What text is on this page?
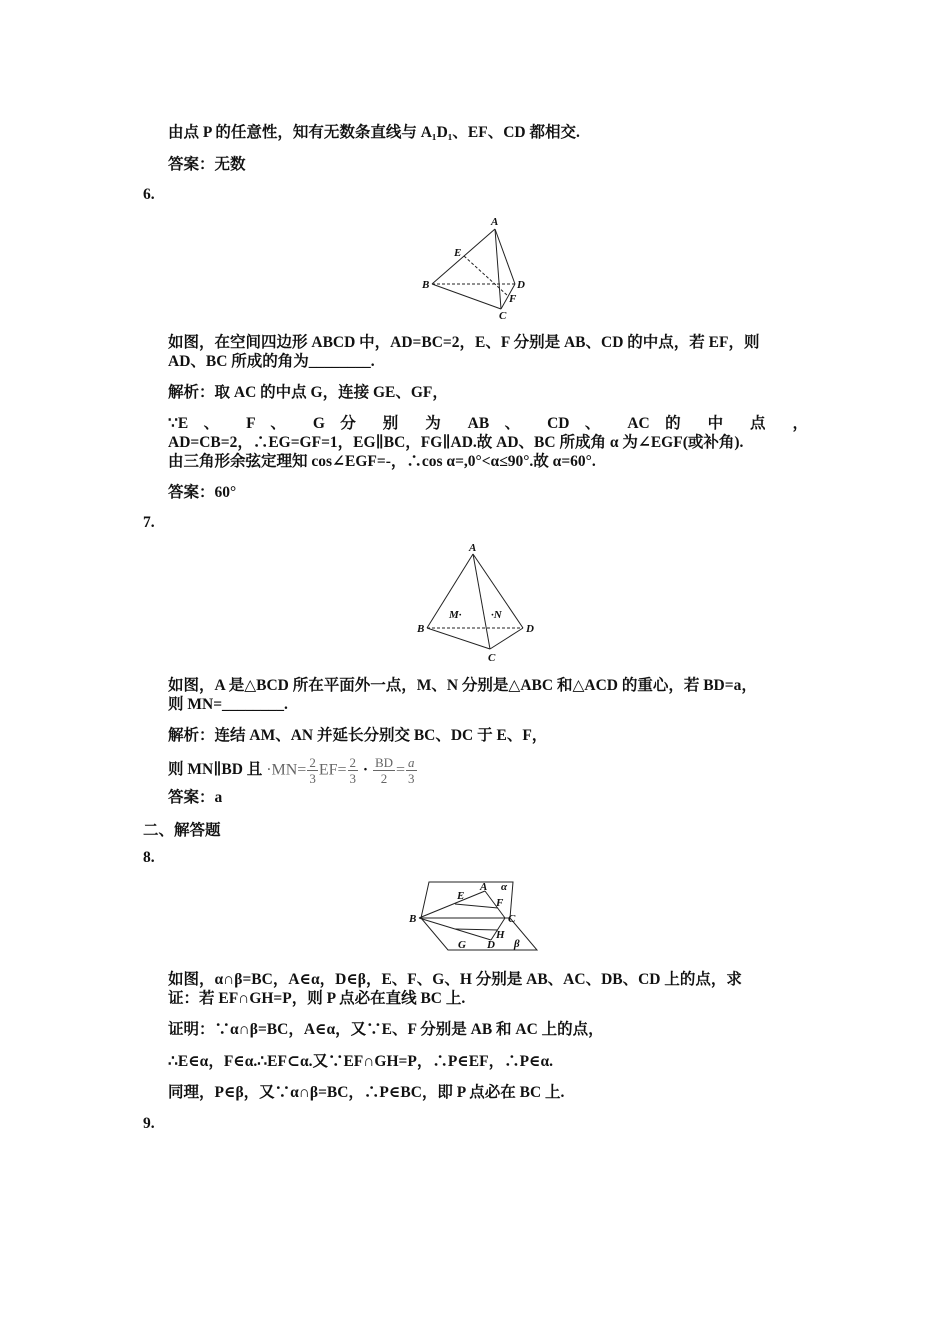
由点 P 的任意性，知有无数条直线与 A₁D₁、EF、CD 都相交.
答案：无数
6.
A
E
B	D
F
C
如图，在空间四边形 ABCD 中，AD=BC=2，E、F 分别是 AB、CD 的中点，若 EF，则
AD、BC 所成的角为________.
解析：取 AC 的中点 G，连接 GE、GF，
∵E 、 F 、 G 分 别 为 AB 、 CD 、 AC 的 中 点 ，
AD=CB=2，∴EG=GF=1，EG∥BC，FG∥AD.故 AD、BC 所成角 α 为∠EGF(或补角).
由三角形余弦定理知 cos∠EGF=-，∴cos α=,0°<α≤90°.故 α=60°.
答案：60°
7.
A
M·	·N
B	D
C
如图，A 是△BCD 所在平面外一点，M、N 分别是△ABC 和△ACD 的重心，若 BD=a，
则 MN=________.
解析：连结 AM、AN 并延长分别交 BC、DC 于 E、F，
则 MN∥BD 且 $\cdot MN= \frac{2}{3} EF= \frac{2}{3} \cdot \frac{BD}{2} = \frac{a}{3}$
答案：a
二、解答题
8.
E
A α
F
B	C
H
G D β
如图，α∩β=BC，A∈α，D∈β，E、F、G、H 分别是 AB、AC、DB、CD 上的点，求
证：若 EF∩GH=P，则 P 点必在直线 BC 上.
证明：∵α∩β=BC，A∈α，又∵E、F 分别是 AB 和 AC 上的点，
∴E∈α，F∈α.∴EF⊂α.又∵EF∩GH=P，∴P∈EF，∴P∈α.
同理，P∈β，又∵α∩β=BC，∴P∈BC，即 P 点必在 BC 上.
9.
